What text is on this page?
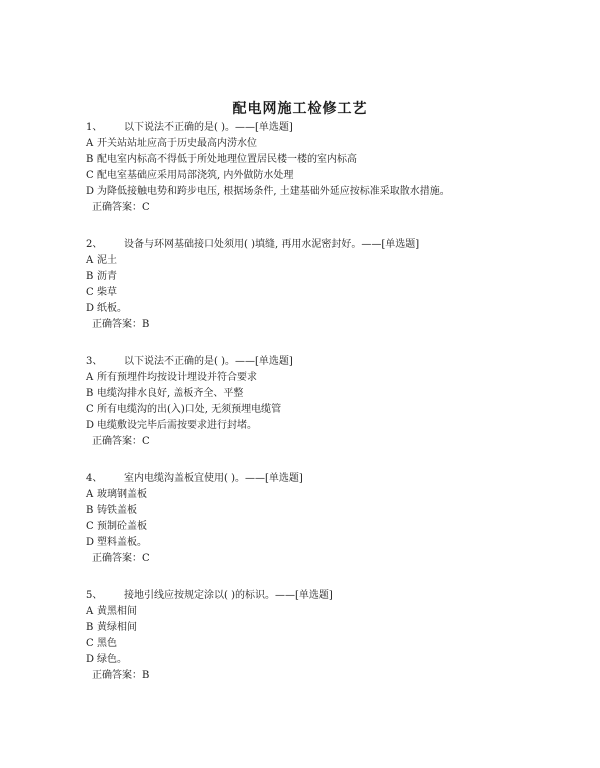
配电网施工检修工艺
1、	以下说法不正确的是( )。——[单选题]
A 开关站站址应高于历史最高内涝水位
B 配电室内标高不得低于所处地理位置居民楼一楼的室内标高
C 配电室基础应采用局部浇筑, 内外做防水处理
D 为降低接触电势和跨步电压, 根据场条件, 土建基础外延应按标准采取散水措施。
正确答案：C
2、	设备与环网基础接口处须用( )填缝, 再用水泥密封好。——[单选题]
A 泥土
B 沥青
C 柴草
D 纸板。
正确答案：B
3、	以下说法不正确的是( )。——[单选题]
A 所有预埋件均按设计埋设并符合要求
B 电缆沟排水良好, 盖板齐全、平整
C 所有电缆沟的出(入)口处, 无须预埋电缆管
D 电缆敷设完毕后需按要求进行封堵。
正确答案：C
4、	室内电缆沟盖板宜使用( )。——[单选题]
A 玻璃钢盖板
B 铸铁盖板
C 预制砼盖板
D 塑料盖板。
正确答案：C
5、	接地引线应按规定涂以( )的标识。——[单选题]
A 黄黑相间
B 黄绿相间
C 黑色
D 绿色。
正确答案：B
